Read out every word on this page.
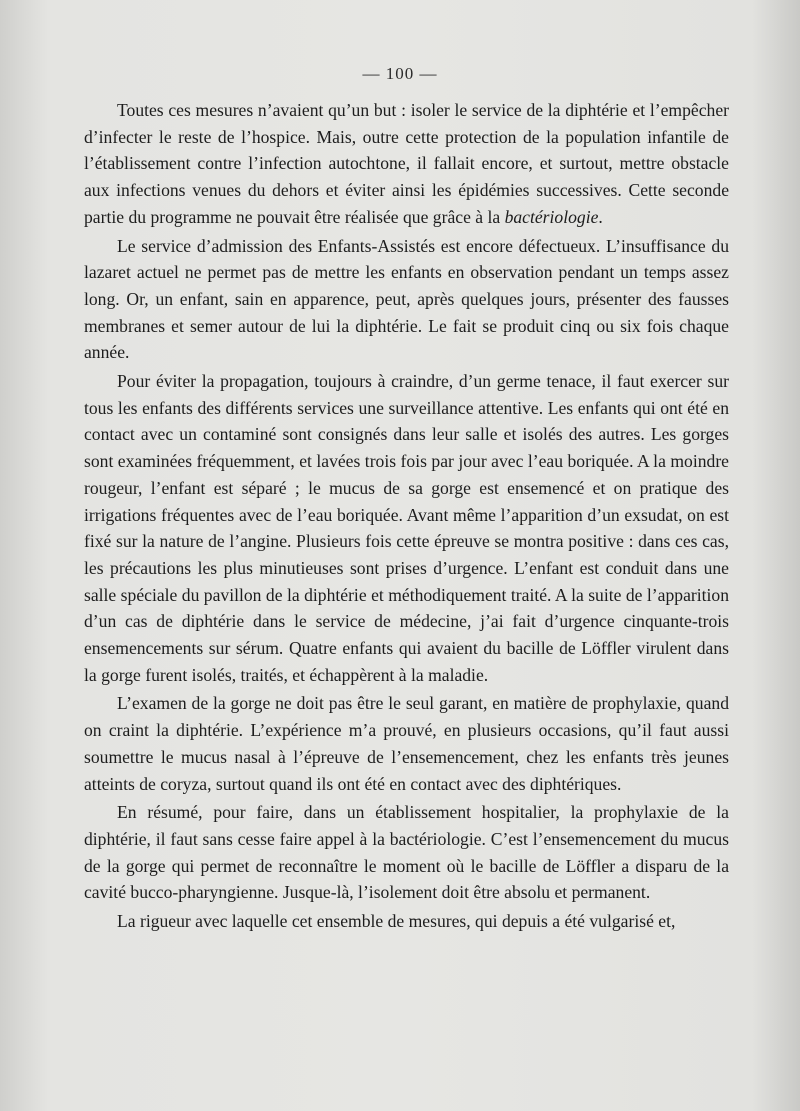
— 100 —

Toutes ces mesures n’avaient qu’un but : isoler le service de la diphtérie et l’empêcher d’infecter le reste de l’hospice. Mais, outre cette protection de la population infantile de l’établissement contre l’infection autochtone, il fallait encore, et surtout, mettre obstacle aux infections venues du dehors et éviter ainsi les épidémies successives. Cette seconde partie du programme ne pouvait être réalisée que grâce à la bactériologie.

Le service d’admission des Enfants-Assistés est encore défectueux. L’insuffisance du lazaret actuel ne permet pas de mettre les enfants en observation pendant un temps assez long. Or, un enfant, sain en apparence, peut, après quelques jours, présenter des fausses membranes et semer autour de lui la diphtérie. Le fait se produit cinq ou six fois chaque année.

Pour éviter la propagation, toujours à craindre, d’un germe tenace, il faut exercer sur tous les enfants des différents services une surveillance attentive. Les enfants qui ont été en contact avec un contaminé sont consignés dans leur salle et isolés des autres. Les gorges sont examinées fréquemment, et lavées trois fois par jour avec l’eau boriquée. A la moindre rougeur, l’enfant est séparé ; le mucus de sa gorge est ensemencé et on pratique des irrigations fréquentes avec de l’eau boriquée. Avant même l’apparition d’un exsudat, on est fixé sur la nature de l’angine. Plusieurs fois cette épreuve se montra positive : dans ces cas, les précautions les plus minutieuses sont prises d’urgence. L’enfant est conduit dans une salle spéciale du pavillon de la diphtérie et méthodiquement traité. A la suite de l’apparition d’un cas de diphtérie dans le service de médecine, j’ai fait d’urgence cinquante-trois ensemencements sur sérum. Quatre enfants qui avaient du bacille de Löffler virulent dans la gorge furent isolés, traités, et échappèrent à la maladie.

L’examen de la gorge ne doit pas être le seul garant, en matière de prophylaxie, quand on craint la diphtérie. L’expérience m’a prouvé, en plusieurs occasions, qu’il faut aussi soumettre le mucus nasal à l’épreuve de l’ensemencement, chez les enfants très jeunes atteints de coryza, surtout quand ils ont été en contact avec des diphtériques.

En résumé, pour faire, dans un établissement hospitalier, la prophylaxie de la diphtérie, il faut sans cesse faire appel à la bactériologie. C’est l’ensemencement du mucus de la gorge qui permet de reconnaître le moment où le bacille de Löffler a disparu de la cavité bucco-pharyngienne. Jusque-là, l’isolement doit être absolu et permanent.

La rigueur avec laquelle cet ensemble de mesures, qui depuis a été vulgarisé et,
